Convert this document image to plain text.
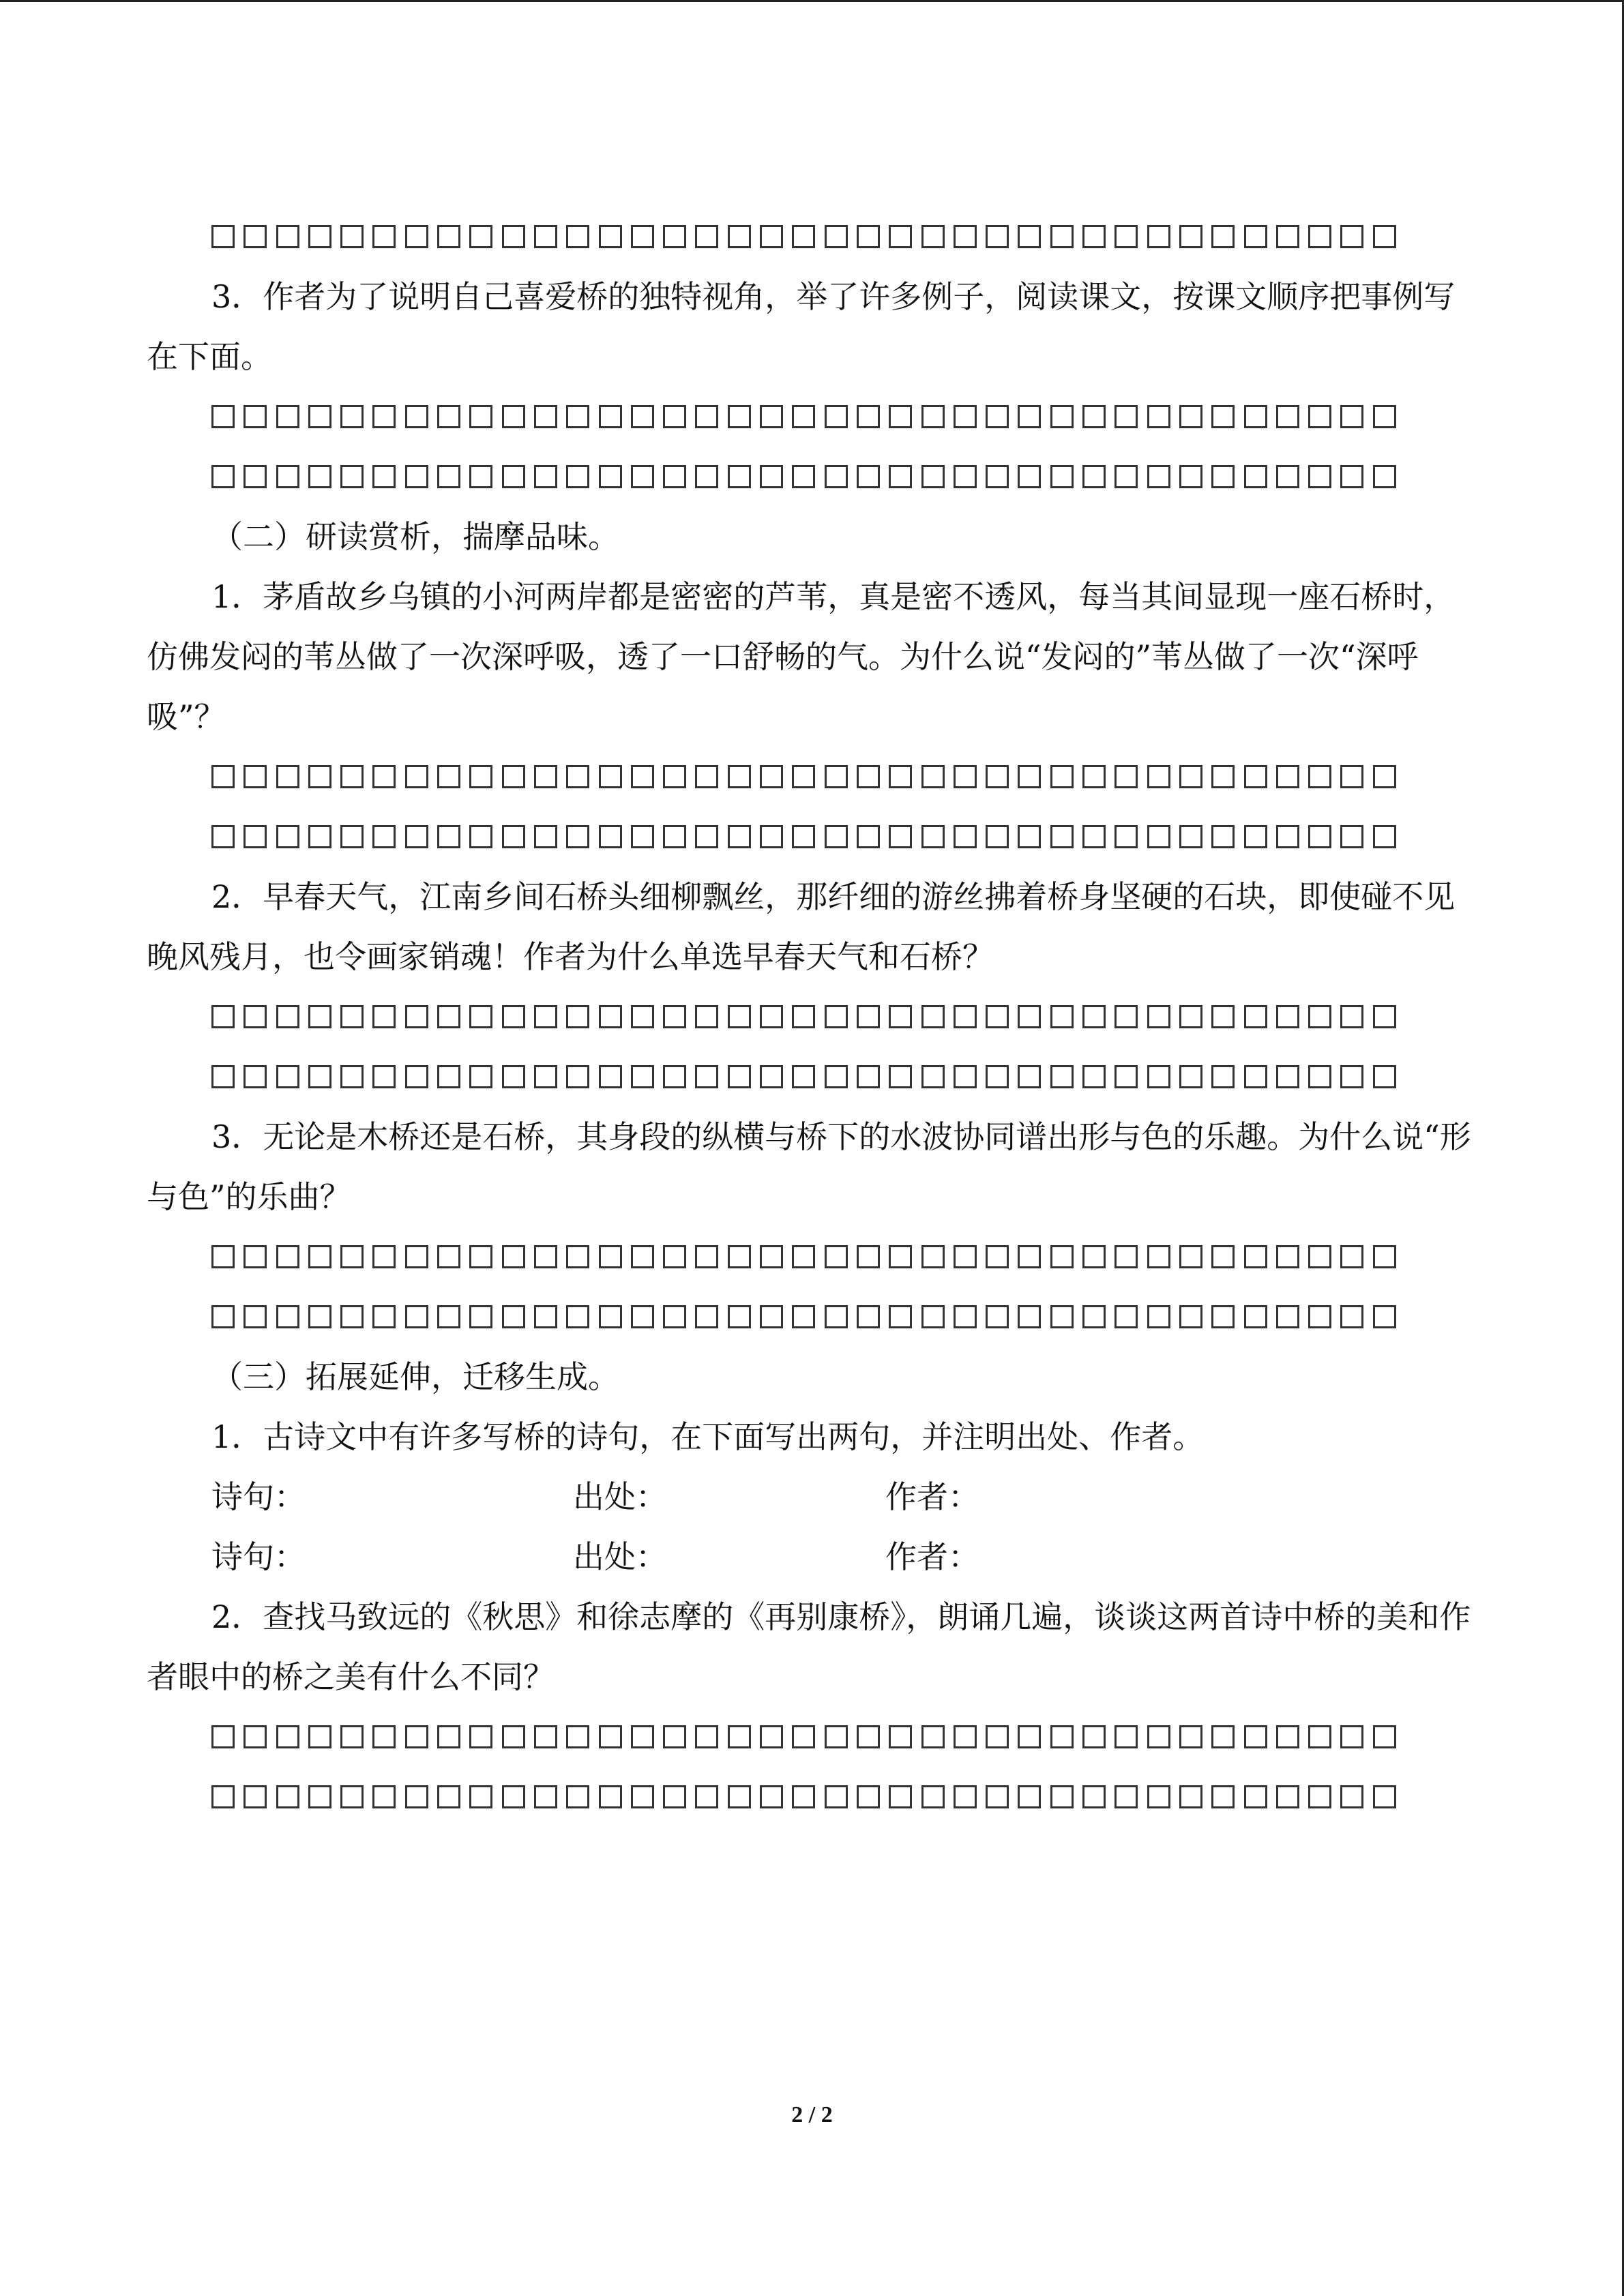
3．作者为了说明自己喜爱桥的独特视角，举了许多例子，阅读课文，按课文顺序把事例写在下面。
（二）研读赏析，揣摩品味。
1．茅盾故乡乌镇的小河两岸都是密密的芦苇，真是密不透风，每当其间显现一座石桥时，仿佛发闷的苇丛做了一次深呼吸，透了一口舒畅的气。为什么说“发闷的”苇丛做了一次“深呼吸”？
2．早春天气，江南乡间石桥头细柳飘丝，那纤细的游丝拂着桥身坚硬的石块，即使碰不见晚风残月，也令画家销魂！作者为什么单选早春天气和石桥？
3．无论是木桥还是石桥，其身段的纵横与桥下的水波协同谱出形与色的乐趣。为什么说“形与色”的乐曲？
（三）拓展延伸，迁移生成。
1．古诗文中有许多写桥的诗句，在下面写出两句，并注明出处、作者。
诗句：	出处：	作者：
诗句：	出处：	作者：
2．查找马致远的《秋思》和徐志摩的《再别康桥》，朗诵几遍，谈谈这两首诗中桥的美和作者眼中的桥之美有什么不同？
2 / 2
